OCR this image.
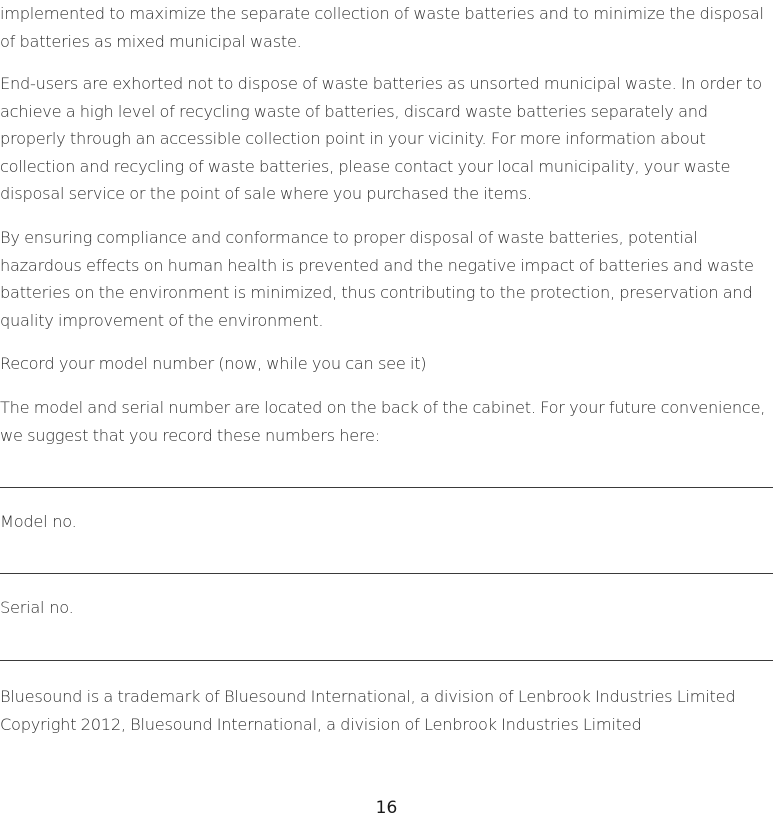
implemented to maximize the separate collection of waste batteries and to minimize the disposal of batteries as mixed municipal waste.

End-users are exhorted not to dispose of waste batteries as unsorted municipal waste. In order to achieve a high level of recycling waste of batteries, discard waste batteries separately and properly through an accessible collection point in your vicinity. For more information about collection and recycling of waste batteries, please contact your local municipality, your waste disposal service or the point of sale where you purchased the items.

By ensuring compliance and conformance to proper disposal of waste batteries, potential hazardous effects on human health is prevented and the negative impact of batteries and waste batteries on the environment is minimized, thus contributing to the protection, preservation and quality improvement of the environment.

Record your model number (now, while you can see it)

The model and serial number are located on the back of the cabinet. For your future convenience, we suggest that you record these numbers here:

Model no.

Serial no.

Bluesound is a trademark of Bluesound International, a division of Lenbrook Industries Limited
Copyright 2012, Bluesound International, a division of Lenbrook Industries Limited

16
